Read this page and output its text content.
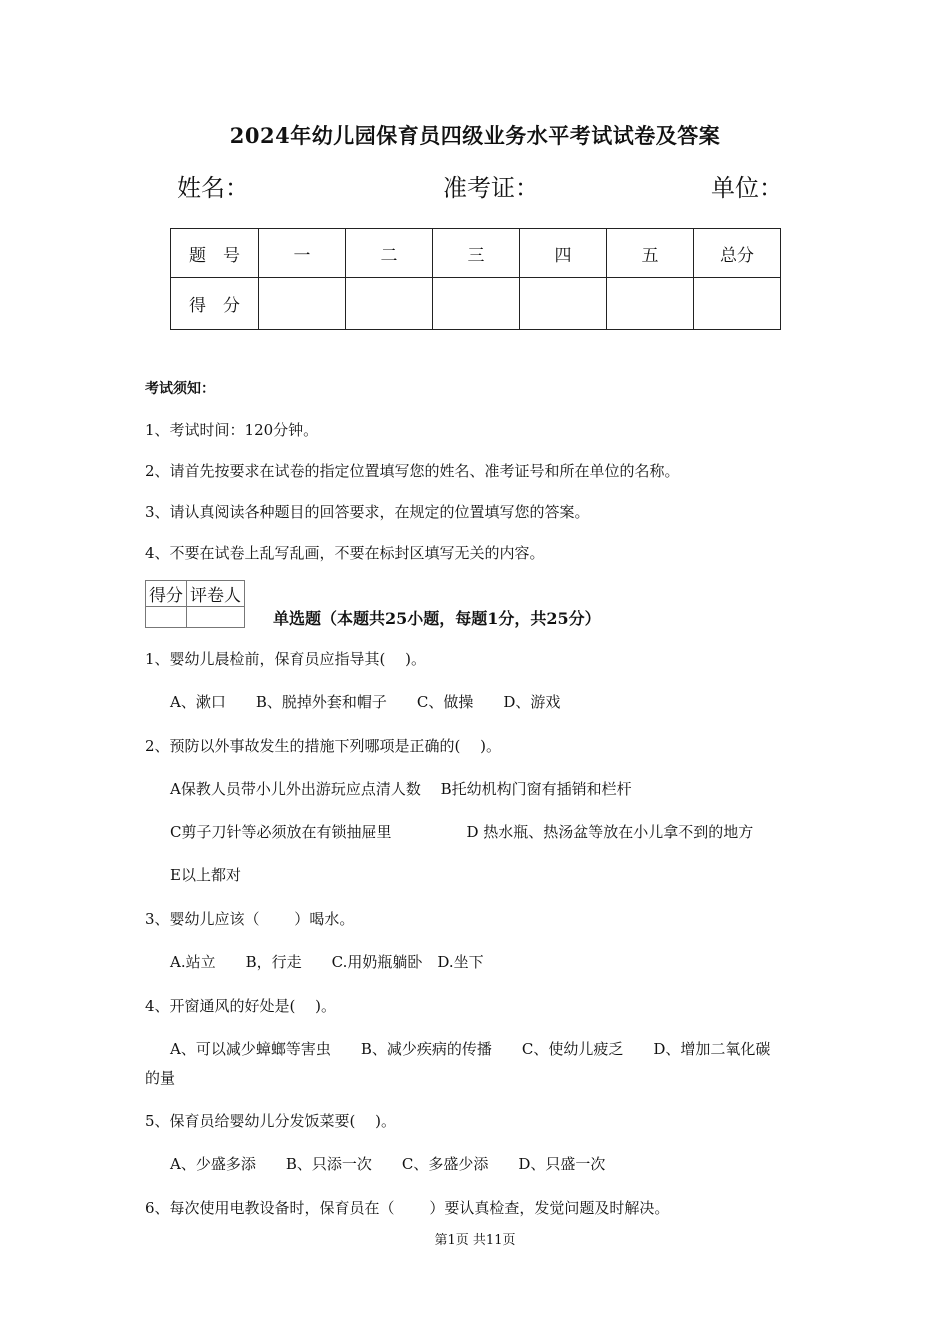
2024年幼儿园保育员四级业务水平考试试卷及答案
姓名：	准考证：	单位：
题　号	一	二	三	四	五	总分
得　分						
考试须知：
1、考试时间：120分钟。
2、请首先按要求在试卷的指定位置填写您的姓名、准考证号和所在单位的名称。
3、请认真阅读各种题目的回答要求，在规定的位置填写您的答案。
4、不要在试卷上乱写乱画，不要在标封区填写无关的内容。
得分	评卷人

单选题（本题共25小题，每题1分，共25分）
1、婴幼儿晨检前，保育员应指导其(　 )。
A、漱口　　B、脱掉外套和帽子　　C、做操　　D、游戏
2、预防以外事故发生的措施下列哪项是正确的(　 )。
A保教人员带小儿外出游玩应点清人数　 B托幼机构门窗有插销和栏杆
C剪子刀针等必须放在有锁抽屉里　　　　　D 热水瓶、热汤盆等放在小儿拿不到的地方
E以上都对
3、婴幼儿应该（　　 ）喝水。
A.站立　　B，行走　　C.用奶瓶躺卧　D.坐下
4、开窗通风的好处是(　 )。
A、可以减少蟑螂等害虫　　B、减少疾病的传播　　C、使幼儿疲乏　　D、增加二氧化碳
的量
5、保育员给婴幼儿分发饭菜要(　 )。
A、少盛多添　　B、只添一次　　C、多盛少添　　D、只盛一次
6、每次使用电教设备时，保育员在（　　 ）要认真检查，发觉问题及时解决。
第1页 共11页
